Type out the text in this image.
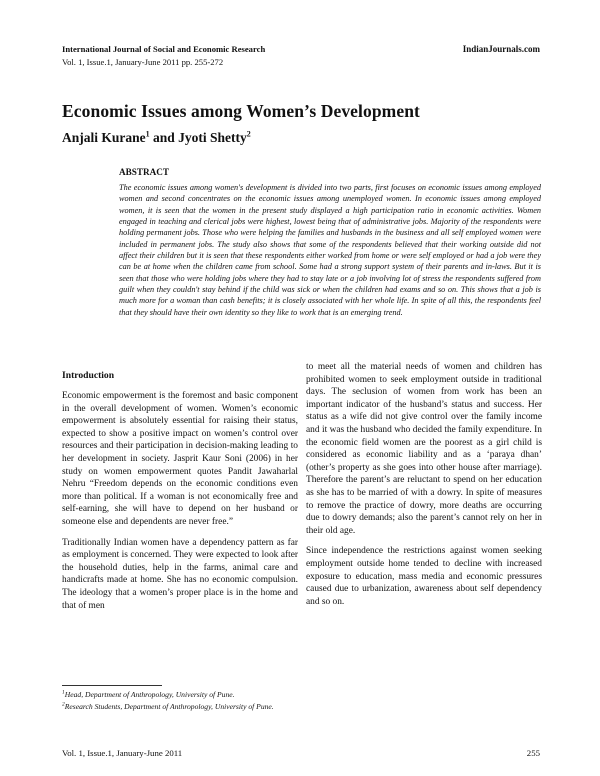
International Journal of Social and Economic Research
Vol. 1, Issue.1, January-June 2011 pp. 255-272
IndianJournals.com
Economic Issues among Women’s Development
Anjali Kurane$^1$ and Jyoti Shetty$^2$
ABSTRACT
The economic issues among women's development is divided into two parts, first focuses on economic issues among employed women and second concentrates on the economic issues among unemployed women. In economic issues among employed women, it is seen that the women in the present study displayed a high participation ratio in economic activities. Women engaged in teaching and clerical jobs were highest, lowest being that of administrative jobs. Majority of the respondents were holding permanent jobs. Those who were helping the families and husbands in the business and all self employed women were included in permanent jobs. The study also shows that some of the respondents believed that their working outside did not affect their children but it is seen that these respondents either worked from home or were self employed or had a job were they can be at home when the children came from school. Some had a strong support system of their parents and in-laws. But it is seen that those who were holding jobs where they had to stay late or a job involving lot of stress the respondents suffered from guilt when they couldn't stay behind if the child was sick or when the children had exams and so on. This shows that a job is much more for a woman than cash benefits; it is closely associated with her whole life. In spite of all this, the respondents feel that they should have their own identity so they like to work that is an emerging trend.
Introduction

Economic empowerment is the foremost and basic component in the overall development of women. Women’s economic empowerment is absolutely essential for raising their status, expected to show a positive impact on women’s control over resources and their participation in decision-making leading to her development in society. Jasprit Kaur Soni (2006) in her study on women empowerment quotes Pandit Jawaharlal Nehru “Freedom depends on the economic conditions even more than political. If a woman is not economically free and self-earning, she will have to depend on her husband or someone else and dependents are never free.”

Traditionally Indian women have a dependency pattern as far as employment is concerned. They were expected to look after the household duties, help in the farms, animal care and handicrafts made at home. She has no economic compulsion. The ideology that a women’s proper place is in the home and that of men

to meet all the material needs of women and children has prohibited women to seek employment outside in traditional days. The seclusion of women from work has been an important indicator of the husband’s status and success. Her status as a wife did not give control over the family income and it was the husband who decided the family expenditure. In the economic field women are the poorest as a girl child is considered as economic liability and as a ‘paraya dhan’ (other’s property as she goes into other house after marriage). Therefore the parent’s are reluctant to spend on her education as she has to be married of with a dowry. In spite of measures to remove the practice of dowry, more deaths are occurring due to dowry demands; also the parent’s cannot rely on her in their old age.

Since independence the restrictions against women seeking employment outside home tended to decline with increased exposure to education, mass media and economic pressures caused due to urbanization, awareness about self dependency and so on.

$^1$Head, Department of Anthropology, University of Pune.
$^2$Research Students, Department of Anthropology, University of Pune.
Vol. 1, Issue.1, January-June 2011	255
